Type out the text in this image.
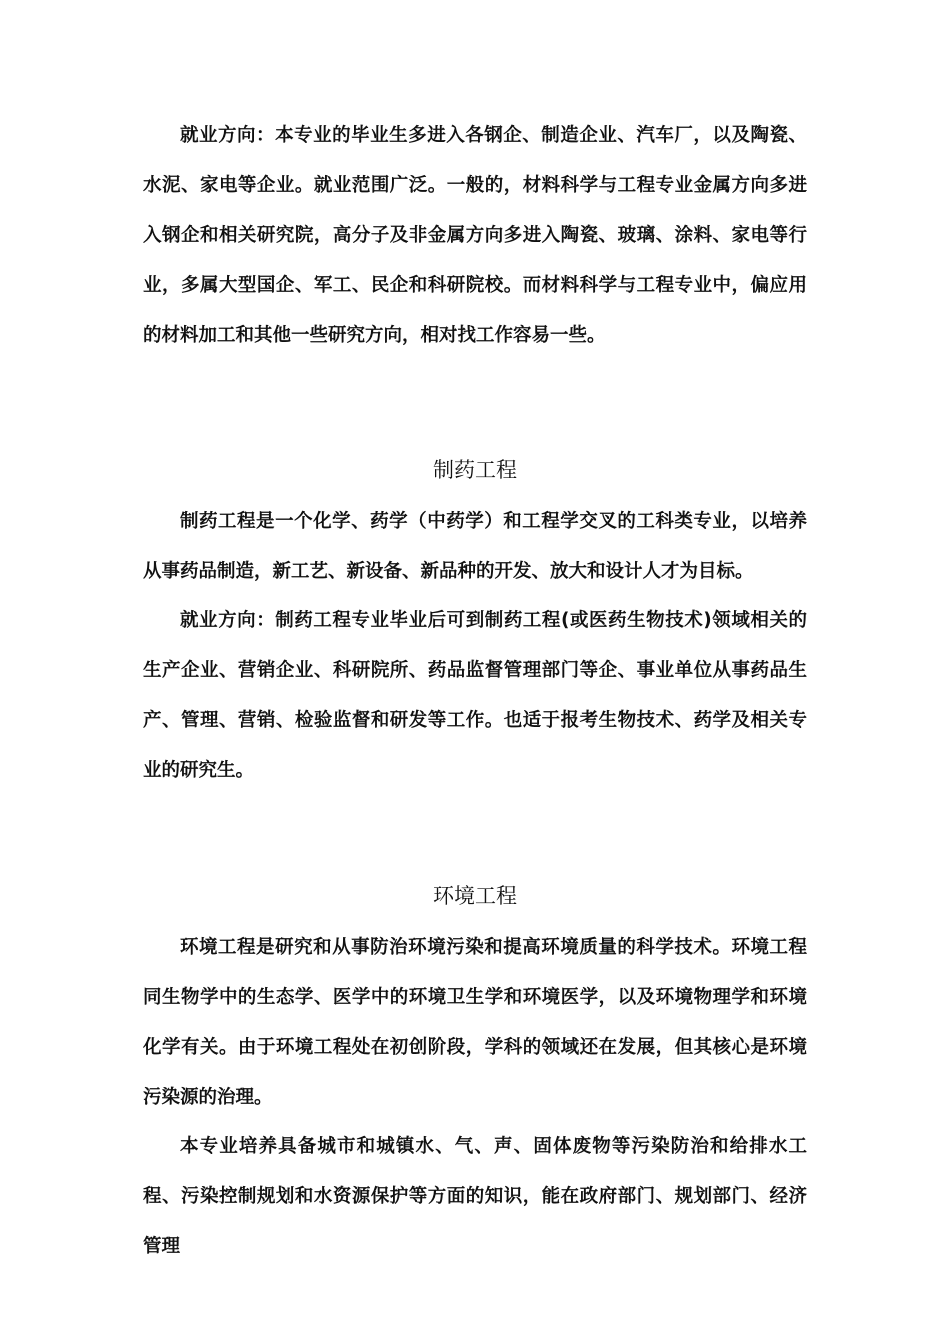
就业方向：本专业的毕业生多进入各钢企、制造企业、汽车厂，以及陶瓷、水泥、家电等企业。就业范围广泛。一般的，材料科学与工程专业金属方向多进入钢企和相关研究院，高分子及非金属方向多进入陶瓷、玻璃、涂料、家电等行业，多属大型国企、军工、民企和科研院校。而材料科学与工程专业中，偏应用的材料加工和其他一些研究方向，相对找工作容易一些。

制药工程

制药工程是一个化学、药学（中药学）和工程学交叉的工科类专业，以培养从事药品制造，新工艺、新设备、新品种的开发、放大和设计人才为目标。

就业方向：制药工程专业毕业后可到制药工程(或医药生物技术)领域相关的生产企业、营销企业、科研院所、药品监督管理部门等企、事业单位从事药品生产、管理、营销、检验监督和研发等工作。也适于报考生物技术、药学及相关专业的研究生。

环境工程

环境工程是研究和从事防治环境污染和提高环境质量的科学技术。环境工程同生物学中的生态学、医学中的环境卫生学和环境医学，以及环境物理学和环境化学有关。由于环境工程处在初创阶段，学科的领域还在发展，但其核心是环境污染源的治理。

本专业培养具备城市和城镇水、气、声、固体废物等污染防治和给排水工程、污染控制规划和水资源保护等方面的知识，能在政府部门、规划部门、经济管理
